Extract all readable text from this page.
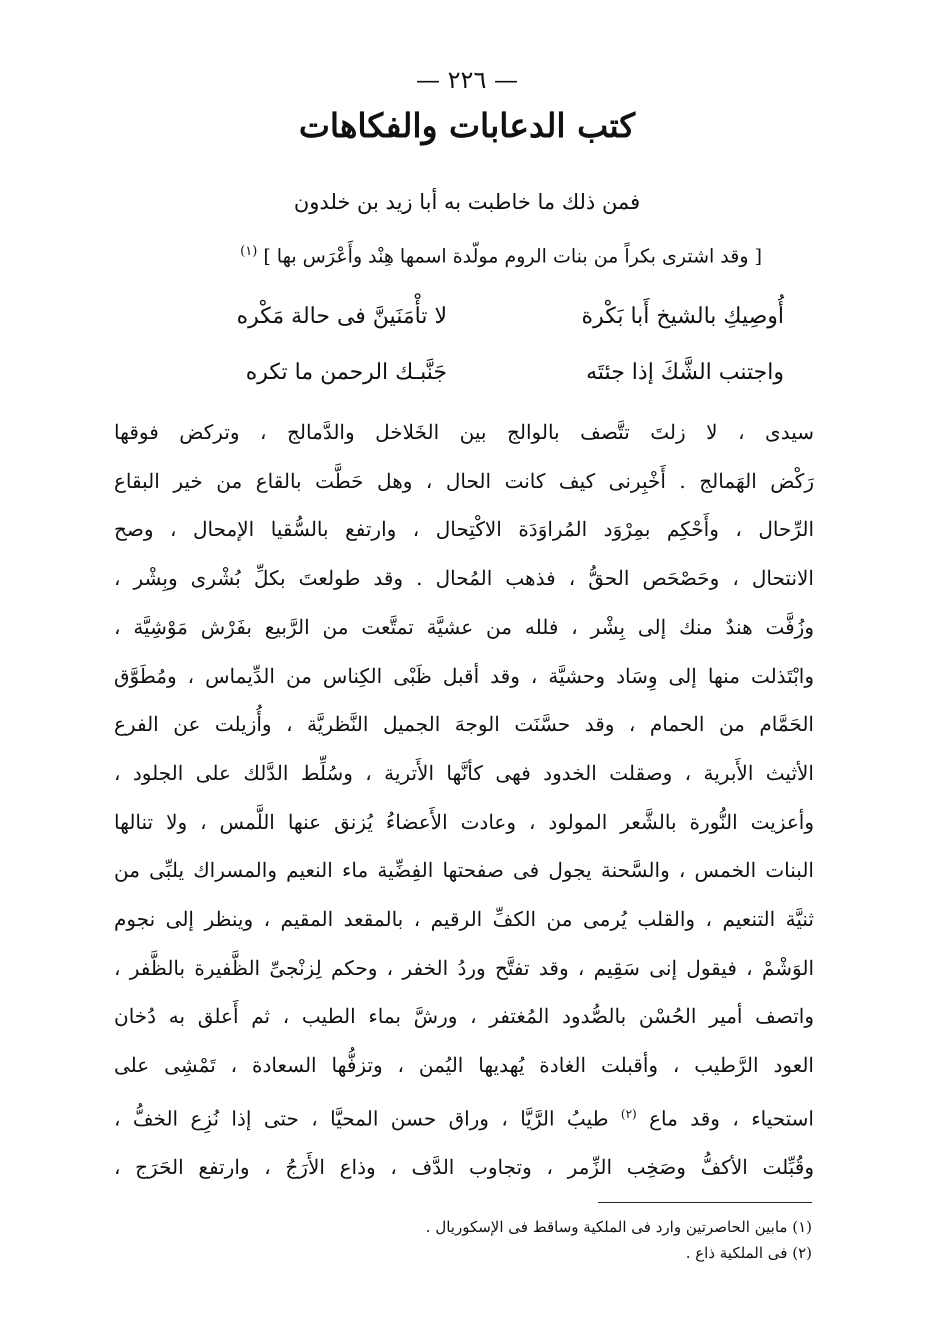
— ٢٢٦ —
كتب الدعابات والفكاهات
فمن ذلك ما خاطبت به أبا زيد بن خلدون
[ وقد اشترى بكراً من بنات الروم مولّدة اسمها هِنْد وأَعْرَس بها ] $^{(١)}$
أُوصِيكِ بالشيخ أَبا بَكْرة لا تأْمَنَينَّ فى حالة مَكْره
واجتنب الشَّكَ إذا جئتَه جَنَّبـك الرحمن ما تكره
سيدى ، لا زلتَ تتَّصف بالوالج بين الخَلاخل والدَّمالج ، وتركض فوقها
رَكْض الهَمالج . أَخْبِرنى كيف كانت الحال ، وهل حَطَّت بالقاع من خير البقاع
الرِّحال ، وأَحْكِم بمِرْوَد المُراوَدَة الاكْتِحال ، وارتفع بالسُّقيا الإمحال ، وصح
الانتحال ، وحَصْحَص الحقُّ ، فذهب المُحال . وقد طولعتَ بكلِّ بُشْرى وبِشْر ،
وزُفَّت هندٌ منك إلى بِشْر ، فلله من عشيَّة تمتَّعت من الرَّبيع بفَرْش مَوْشِيَّة ،
وابْتَذلت منها إلى وِسَاد وحشيَّة ، وقد أقبل ظَبْى الكِناس من الدِّيماس ، ومُطَوَّق
الحَمَّام من الحمام ، وقد حسَّنَت الوجهَ الجميل النَّظريَّة ، وأُزيلت عن الفرع
الأثيث الأَبرية ، وصقلت الخدود فهى كأنَّها الأَترية ، وسُلِّط الدَّلك على الجلود ،
وأعزيت النُّورة بالشَّعر المولود ، وعادت الأَعضاءُ يُزنق عنها اللَّمس ، ولا تنالها
البنات الخمس ، والسَّحنة يجول فى صفحتها الفِضِّية ماء النعيم والمسراك يلبِّى من
ثنيَّة التنعيم ، والقلب يُرمى من الكفِّ الرقيم ، بالمقعد المقيم ، وينظر إلى نجوم
الوَشْمْ ، فيقول إنى سَقِيم ، وقد تفتَّح وردُ الخفر ، وحكم لِزنْجىِّ الظَّفيرة بالظَّفر ،
واتصف أمير الحُسْن بالصُّدود المُغتفر ، ورشَّ بماء الطيب ، ثم أَعلق به دُخان
العود الرَّطيب ، وأقبلت الغادة يُهديها اليُمن ، وتزفُّها السعادة ، تَمْشِى على
استحياء ، وقد ماع $^{(٢)}$ طيبُ الرَّيَّا ، وراق حسن المحيَّا ، حتى إذا نُزِع الخفُّ ،
وقُبِّلت الأكفُّ وصَخِب الزِّمر ، وتجاوب الدَّف ، وذاع الأَرَجُ ، وارتفع الحَرَج ،
(١) مابين الحاصرتين وارد فى الملكية وساقط فى الإسكوريال .
(٢) فى الملكية ذاع .
